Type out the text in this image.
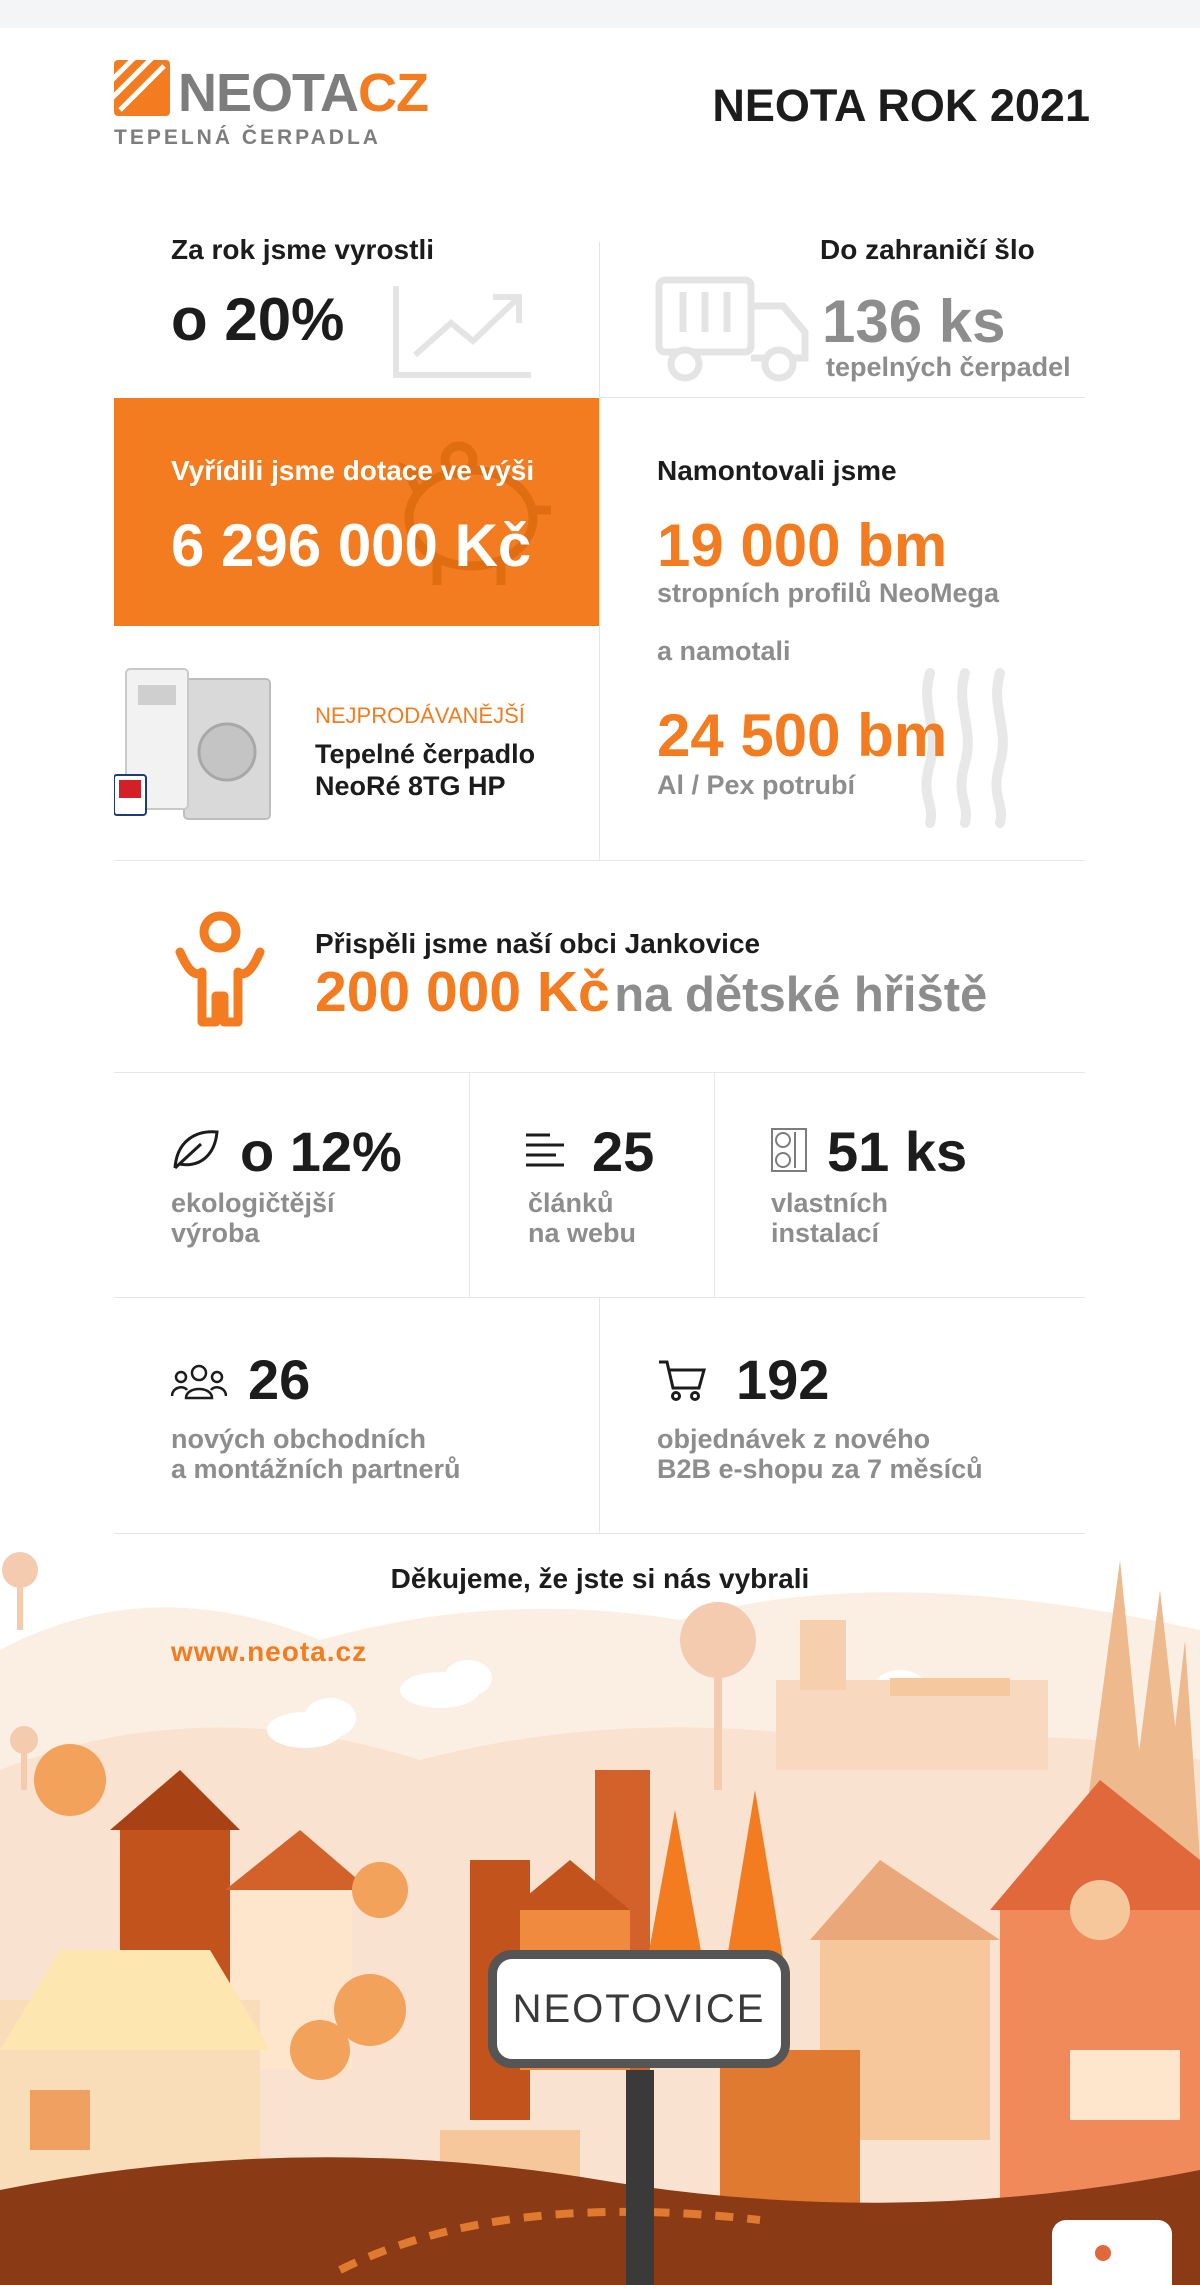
NEOTACZ
TEPELNÁ ČERPADLA
NEOTA ROK 2021
Za rok jsme vyrostli
o 20%
Do zahraničí šlo
136 ks
tepelných čerpadel
Vyřídili jsme dotace ve výši
6 296 000 Kč
Namontovali jsme
19 000 bm
stropních profilů NeoMega
a namotali
24 500 bm
Al / Pex potrubí
NEJPRODÁVANĚJŠÍ
Tepelné čerpadlo
NeoRé 8TG HP
Přispěli jsme naší obci Jankovice
200 000 Kč na dětské hřiště
o 12%
ekologičtější
výroba
25
článků
na webu
51 ks
vlastních
instalací
26
nových obchodních
a montážních partnerů
192
objednávek z nového
B2B e-shopu za 7 měsíců
Děkujeme, že jste si nás vybrali
www.neota.cz
NEOTOVICE
